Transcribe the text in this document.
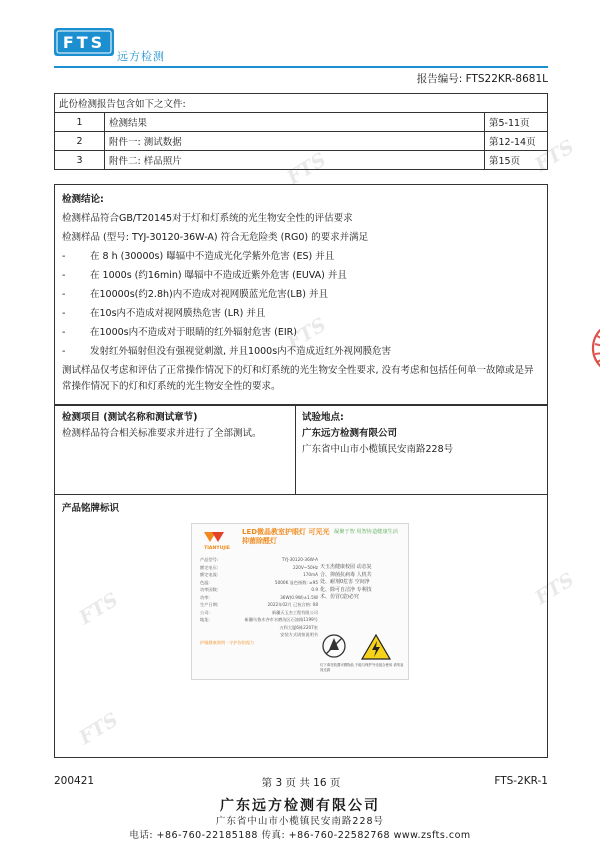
FTS
远方检测
报告编号: FTS22KR-8681L
FTS	FTS
FTS
FTS	FTS
FTS
此份检测报告包含如下之文件:		
1	检测结果	第5-11页
2	附件一: 测试数据	第12-14页
3	附件二: 样品照片	第15页
检测结论:
检测样品符合GB/T20145对于灯和灯系统的光生物安全性的评估要求
检测样品 (型号: TYJ-30120-36W-A) 符合无危险类 (RG0) 的要求并满足
-	在 8 h (30000s) 曝辐中不造成光化学紫外危害 (ES) 并且
-	在 1000s (约16min) 曝辐中不造成近紫外危害 (EUVA) 并且
-	在10000s(约2.8h)内不造成对视网膜蓝光危害(LB) 并且
-	在10s内不造成对视网膜热危害 (LR) 并且
-	在1000s内不造成对于眼睛的红外辐射危害 (EIR)
-	发射红外辐射但没有强视觉刺激, 并且1000s内不造成近红外视网膜危害
测试样品仅考虑和评估了正常操作情况下的灯和灯系统的光生物安全性要求, 没有考虑和包括任何单一故障或是异常操作情况下的灯和灯系统的光生物安全性的要求。
检测项目 (测试名称和测试章节)
检测样品符合相关标准要求并进行了全部测试。
试验地点:
广东远方检测有限公司
广东省中山市小榄镇民安南路228号
产品铭牌标识
TIANYUJIE
LED微晶教室护眼灯 可见光抑菌除醛灯
凝聚于智 用智协造健康生活
产品型号:	TYJ-30120-36W-A
额定电压:	220V~50Hz
额定电流:	170mA
色温:	5000K 显色指数: ≥95
功率因数:	0.9
功率:	36W(0.9W)±1.5W
生产日期:	2022年02月 已检合格: 08
公司:	新疆天玉杰工程有限公司
地址:	新疆乌鲁木齐市水磨沟区石油路1199号
万科大厦6栋2207室
安装方式请按说明书
护眼健康照明 · 守护你的视力
天玉杰健康校园 动态复合、抑菌抗病毒 人机共处、耐剂0危害 空间净化、除可自洁净 专利技术、仿冒(造)必究
灯下请勿放置可燃物品 不能与保护外壳组合使用 请勿直视光源
200421	第 3 页 共 16 页	FTS-2KR-1
广东远方检测有限公司
广东省中山市小榄镇民安南路228号
电话: +86-760-22185188 传真: +86-760-22582768 www.zsfts.com
